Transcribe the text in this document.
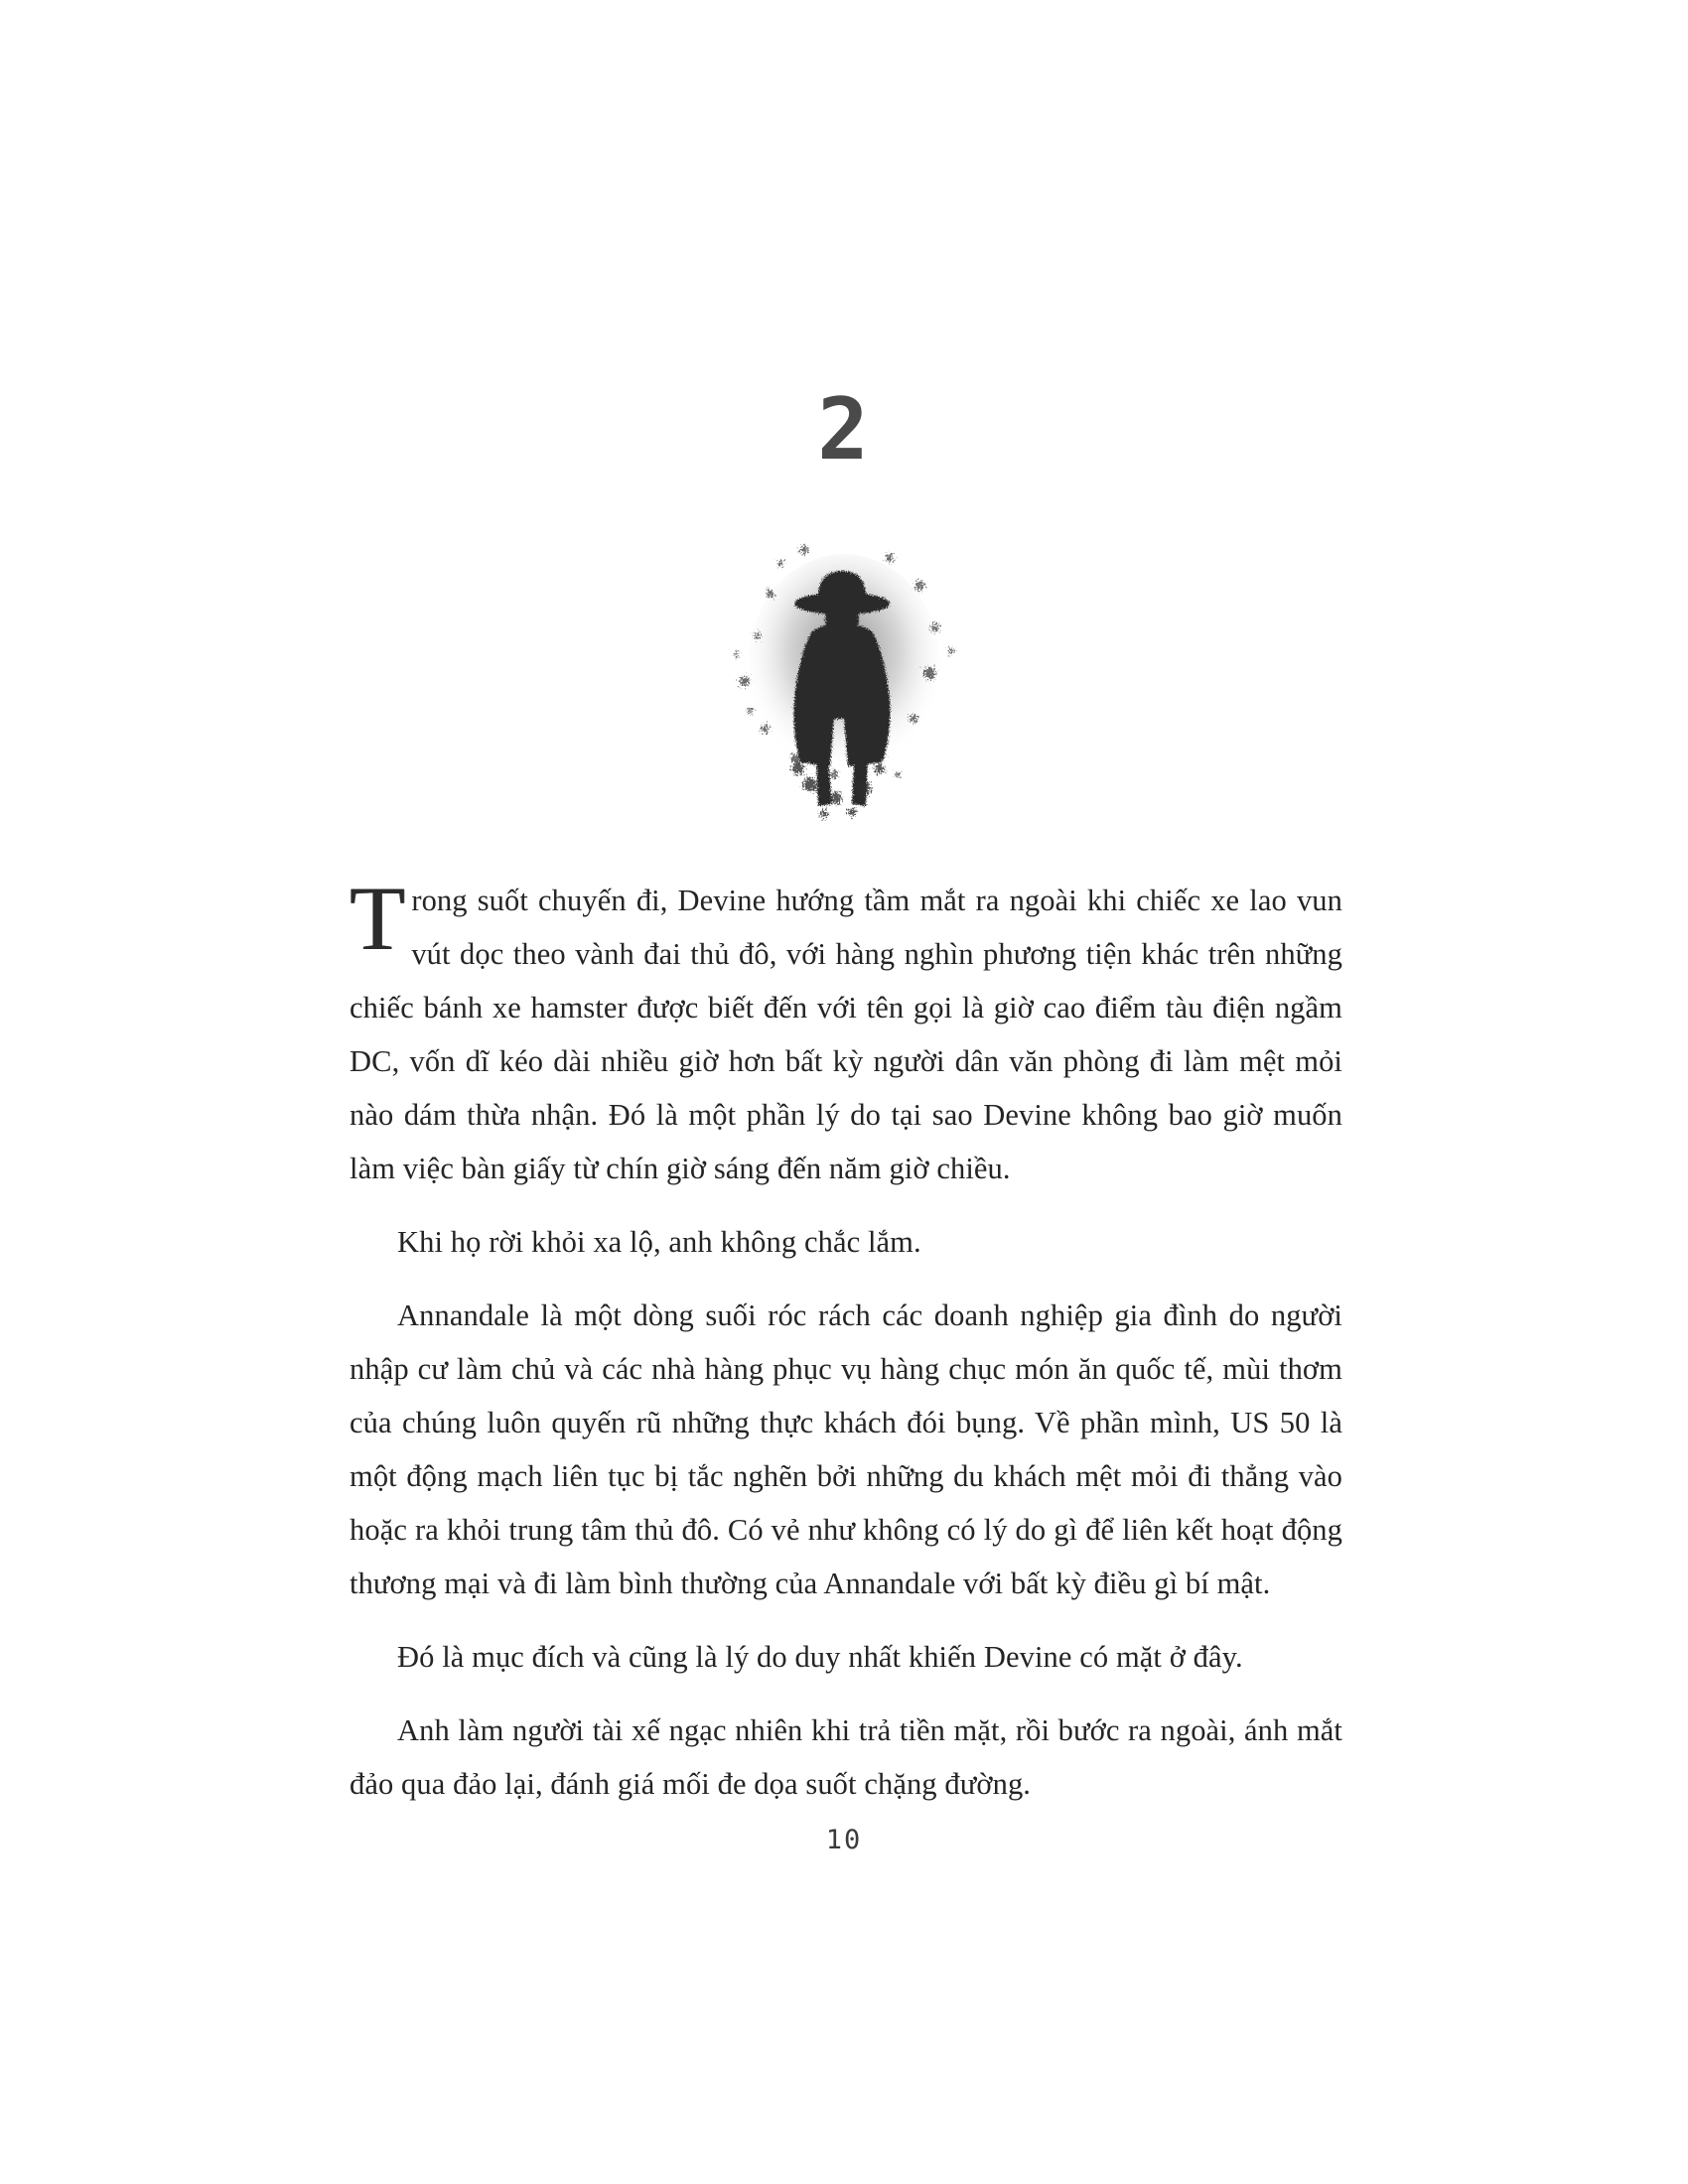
2

Trong suốt chuyến đi, Devine hướng tầm mắt ra ngoài khi chiếc xe lao vun vút dọc theo vành đai thủ đô, với hàng nghìn phương tiện khác trên những chiếc bánh xe hamster được biết đến với tên gọi là giờ cao điểm tàu điện ngầm DC, vốn dĩ kéo dài nhiều giờ hơn bất kỳ người dân văn phòng đi làm mệt mỏi nào dám thừa nhận. Đó là một phần lý do tại sao Devine không bao giờ muốn làm việc bàn giấy từ chín giờ sáng đến năm giờ chiều.

Khi họ rời khỏi xa lộ, anh không chắc lắm.

Annandale là một dòng suối róc rách các doanh nghiệp gia đình do người nhập cư làm chủ và các nhà hàng phục vụ hàng chục món ăn quốc tế, mùi thơm của chúng luôn quyến rũ những thực khách đói bụng. Về phần mình, US 50 là một động mạch liên tục bị tắc nghẽn bởi những du khách mệt mỏi đi thẳng vào hoặc ra khỏi trung tâm thủ đô. Có vẻ như không có lý do gì để liên kết hoạt động thương mại và đi làm bình thường của Annandale với bất kỳ điều gì bí mật.

Đó là mục đích và cũng là lý do duy nhất khiến Devine có mặt ở đây.

Anh làm người tài xế ngạc nhiên khi trả tiền mặt, rồi bước ra ngoài, ánh mắt đảo qua đảo lại, đánh giá mối đe dọa suốt chặng đường.

10
